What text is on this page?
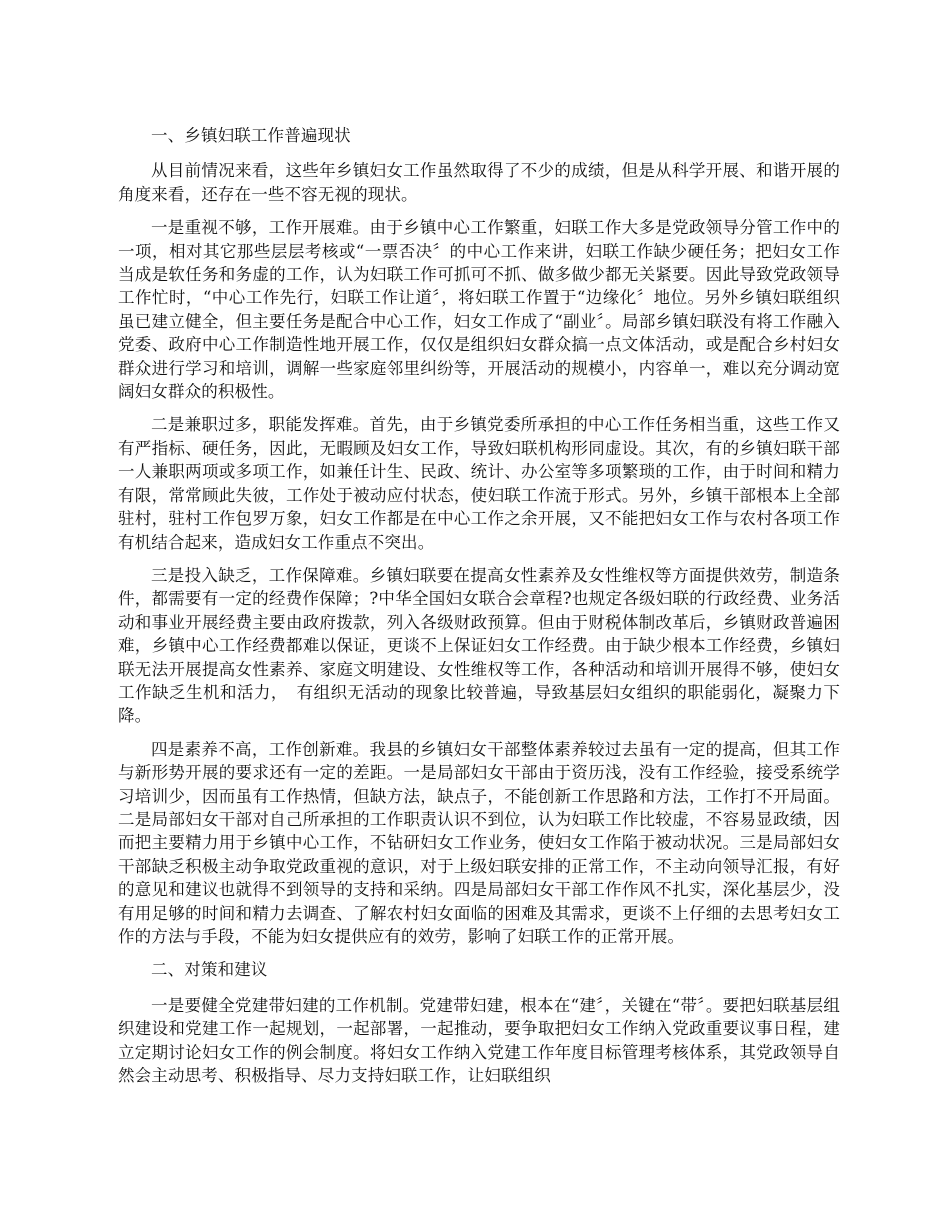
一、乡镇妇联工作普遍现状

从目前情况来看，这些年乡镇妇女工作虽然取得了不少的成绩，但是从科学开展、和谐开展的角度来看，还存在一些不容无视的现状。

一是重视不够，工作开展难。由于乡镇中心工作繁重，妇联工作大多是党政领导分管工作中的一项，相对其它那些层层考核或“一票否决〞的中心工作来讲，妇联工作缺少硬任务；把妇女工作当成是软任务和务虚的工作，认为妇联工作可抓可不抓、做多做少都无关紧要。因此导致党政领导工作忙时，“中心工作先行，妇联工作让道〞，将妇联工作置于“边缘化〞地位。另外乡镇妇联组织虽已建立健全，但主要任务是配合中心工作，妇女工作成了“副业〞。局部乡镇妇联没有将工作融入党委、政府中心工作制造性地开展工作，仅仅是组织妇女群众搞一点文体活动，或是配合乡村妇女群众进行学习和培训，调解一些家庭邻里纠纷等，开展活动的规模小，内容单一，难以充分调动宽阔妇女群众的积极性。

二是兼职过多，职能发挥难。首先，由于乡镇党委所承担的中心工作任务相当重，这些工作又有严指标、硬任务，因此，无暇顾及妇女工作，导致妇联机构形同虚设。其次，有的乡镇妇联干部一人兼职两项或多项工作，如兼任计生、民政、统计、办公室等多项繁琐的工作，由于时间和精力有限，常常顾此失彼，工作处于被动应付状态，使妇联工作流于形式。另外，乡镇干部根本上全部驻村，驻村工作包罗万象，妇女工作都是在中心工作之余开展，又不能把妇女工作与农村各项工作有机结合起来，造成妇女工作重点不突出。

三是投入缺乏，工作保障难。乡镇妇联要在提高女性素养及女性维权等方面提供效劳，制造条件，都需要有一定的经费作保障；?中华全国妇女联合会章程?也规定各级妇联的行政经费、业务活动和事业开展经费主要由政府拨款，列入各级财政预算。但由于财税体制改革后，乡镇财政普遍困难，乡镇中心工作经费都难以保证，更谈不上保证妇女工作经费。由于缺少根本工作经费，乡镇妇联无法开展提高女性素养、家庭文明建设、女性维权等工作，各种活动和培训开展得不够，使妇女工作缺乏生机和活力，　有组织无活动的现象比较普遍，导致基层妇女组织的职能弱化，凝聚力下降。

四是素养不高，工作创新难。我县的乡镇妇女干部整体素养较过去虽有一定的提高，但其工作与新形势开展的要求还有一定的差距。一是局部妇女干部由于资历浅，没有工作经验，接受系统学习培训少，因而虽有工作热情，但缺方法，缺点子，不能创新工作思路和方法，工作打不开局面。二是局部妇女干部对自己所承担的工作职责认识不到位，认为妇联工作比较虚，不容易显政绩，因而把主要精力用于乡镇中心工作，不钻研妇女工作业务，使妇女工作陷于被动状况。三是局部妇女干部缺乏积极主动争取党政重视的意识，对于上级妇联安排的正常工作，不主动向领导汇报，有好的意见和建议也就得不到领导的支持和采纳。四是局部妇女干部工作作风不扎实，深化基层少，没有用足够的时间和精力去调查、了解农村妇女面临的困难及其需求，更谈不上仔细的去思考妇女工作的方法与手段，不能为妇女提供应有的效劳，影响了妇联工作的正常开展。

二、对策和建议

一是要健全党建带妇建的工作机制。党建带妇建，根本在“建〞，关键在“带〞。要把妇联基层组织建设和党建工作一起规划，一起部署，一起推动，要争取把妇女工作纳入党政重要议事日程，建立定期讨论妇女工作的例会制度。将妇女工作纳入党建工作年度目标管理考核体系，其党政领导自然会主动思考、积极指导、尽力支持妇联工作，让妇联组织
